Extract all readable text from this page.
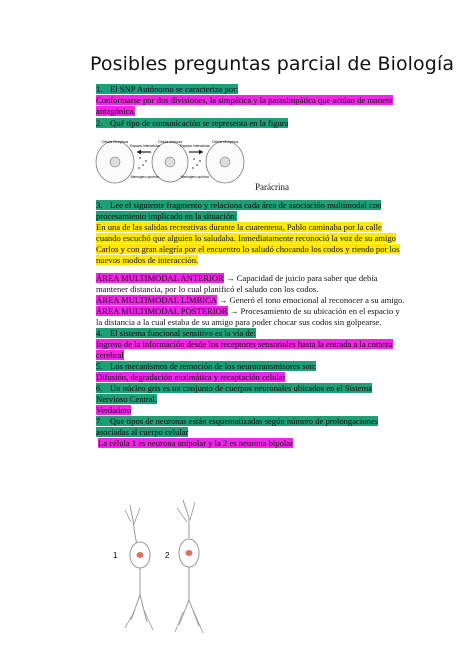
Posibles preguntas parcial de Biología
1. El SNP Autónomo se caracteriza por:
Conformarse por dos divisiones, la simpática y la parasimpática que actúan de manera antagónica.
2. Qué tipo de comunicación se representa en la figura
Célula receptora	Célula emisora	Célula receptora
Espacio intercelular	Espacio intercelular
Mensajero químico	Mensajero químico
Parácrina
3. Lee el siguiente fragmento y relaciona cada área de asociación multimodal con procesamiento implicado en la situación:
En una de las salidas recreativas durante la cuarentena, Pablo caminaba por la calle cuando escuchó que alguien lo saludaba. Inmediatamente reconoció la voz de su amigo Carlos y con gran alegría por el encuentro lo saludó chocando los codos y riendo por los nuevos modos de interacción.
ÁREA MULTIMODAL ANTERIOR → Capacidad de juicio para saber que debía mantener distancia, por lo cual planificó el saludo con los codos.
ÁREA MULTIMODAL LÍMBICA → Generó el tono emocional al reconocer a su amigo.
ÁREA MULTIMODAL POSTERIOR → Procesamiento de su ubicación en el espacio y la distancia a la cual estaba de su amigo para poder chocar sus codos sin golpearse.
4. El sistema funcional sensitivo es la vía de:
Ingreso de la información desde los receptores sensoriales hasta la entrada a la corteza cerebral
5. Los mecanismos de remoción de los neurotransmisores son:
Difusión, degradación enzimática y recaptación celular
6. Un núcleo gris es un conjunto de cuerpos neuronales ubicados en el Sistema Nervioso Central.
Verdadero
7. Que tipos de neuronas están esquematizadas según número de prolongaciones asociadas al cuerpo celular
La célula 1 es neurona unipolar y la 2 es neurona bipolar
1	2
